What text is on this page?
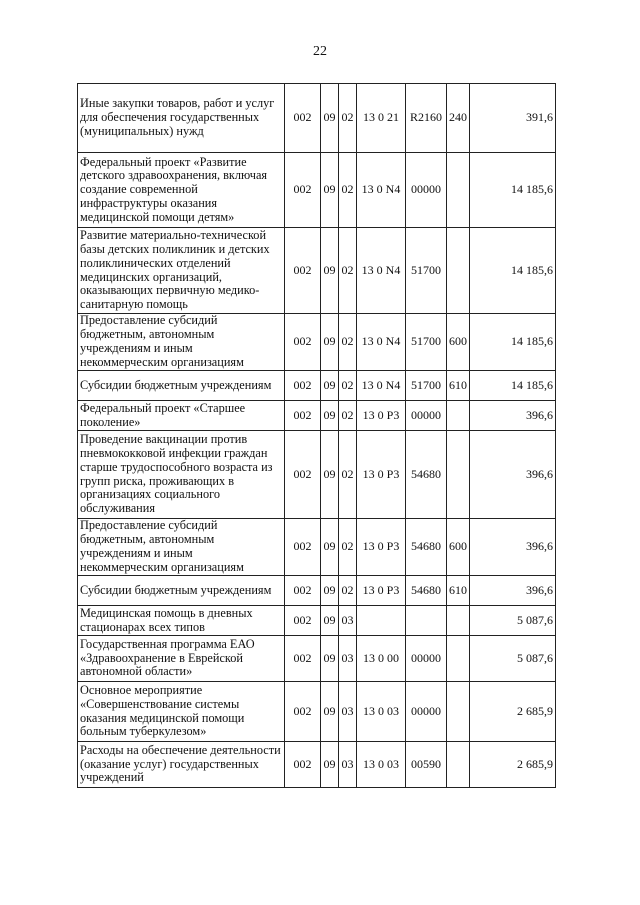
22
Иные закупки товаров, работ и услуг для обеспечения государственных (муниципальных) нужд	002	09	02	13 0 21	R2160	240	391,6
Федеральный проект «Развитие детского здравоохранения, включая создание современной инфраструктуры оказания медицинской помощи детям»	002	09	02	13 0 N4	00000		14 185,6
Развитие материально-технической базы детских поликлиник и детских поликлинических отделений медицинских организаций, оказывающих первичную медико-санитарную помощь	002	09	02	13 0 N4	51700		14 185,6
Предоставление субсидий бюджетным, автономным учреждениям и иным некоммерческим организациям	002	09	02	13 0 N4	51700	600	14 185,6
Субсидии бюджетным учреждениям	002	09	02	13 0 N4	51700	610	14 185,6
Федеральный проект «Старшее поколение»	002	09	02	13 0 P3	00000		396,6
Проведение вакцинации против пневмококковой инфекции граждан старше трудоспособного возраста из групп риска, проживающих в организациях социального обслуживания	002	09	02	13 0 P3	54680		396,6
Предоставление субсидий бюджетным, автономным учреждениям и иным некоммерческим организациям	002	09	02	13 0 P3	54680	600	396,6
Субсидии бюджетным учреждениям	002	09	02	13 0 P3	54680	610	396,6
Медицинская помощь в дневных стационарах всех типов	002	09	03				5 087,6
Государственная программа ЕАО «Здравоохранение в Еврейской автономной области»	002	09	03	13 0 00	00000		5 087,6
Основное мероприятие «Совершенствование системы оказания медицинской помощи больным туберкулезом»	002	09	03	13 0 03	00000		2 685,9
Расходы на обеспечение деятельности (оказание услуг) государственных учреждений	002	09	03	13 0 03	00590		2 685,9
